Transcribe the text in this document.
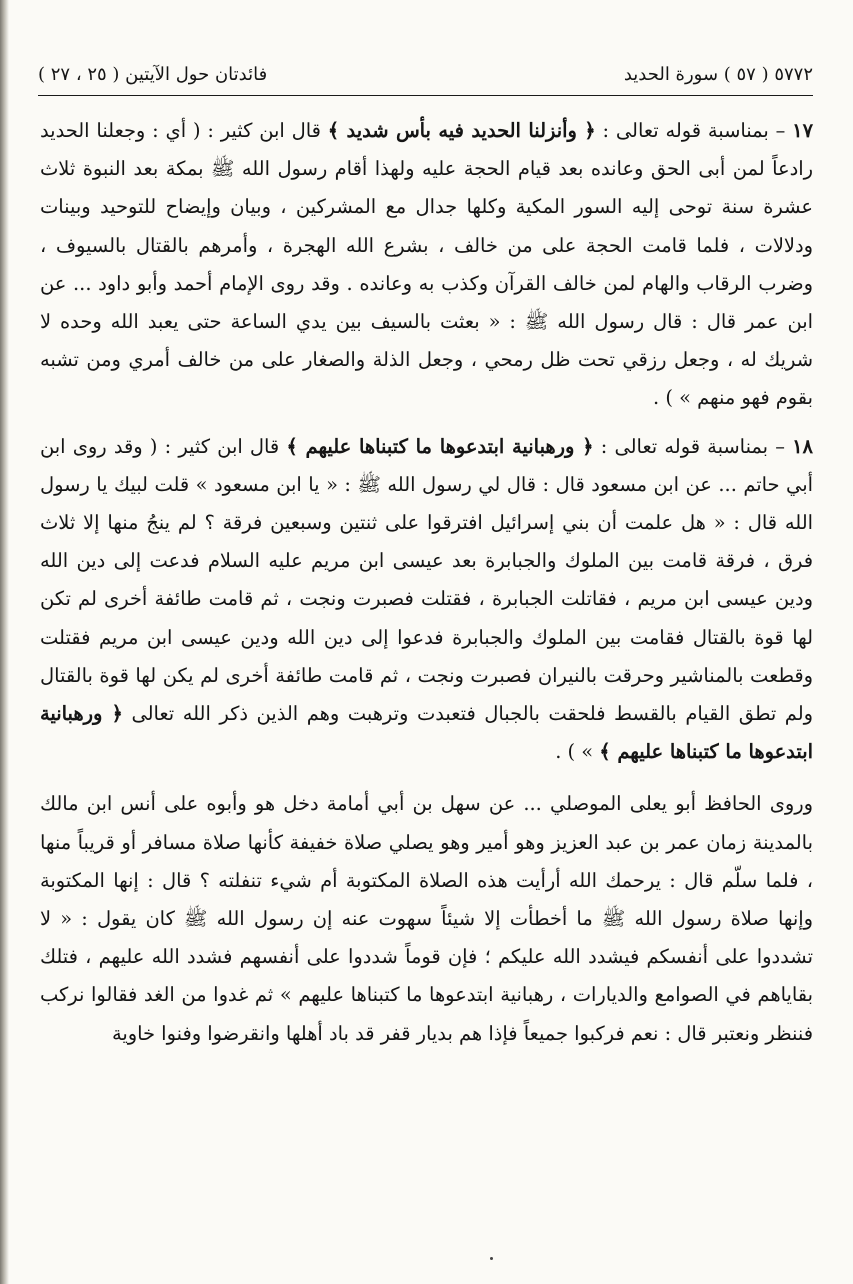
٥٧٧٢ ( ٥٧ ) سورة الحديد
فائدتان حول الآيتين ( ٢٥ ، ٢٧ )

١٧ – بمناسبة قوله تعالى : ﴿ وأنزلنا الحديد فيه بأس شديد ﴾ قال ابن كثير : ( أي : وجعلنا الحديد رادعاً لمن أبى الحق وعانده بعد قيام الحجة عليه ولهذا أقام رسول الله ﷺ بمكة بعد النبوة ثلاث عشرة سنة توحى إليه السور المكية وكلها جدال مع المشركين ، وبيان وإيضاح للتوحيد وبينات ودلالات ، فلما قامت الحجة على من خالف ، بشرع الله الهجرة ، وأمرهم بالقتال بالسيوف ، وضرب الرقاب والهام لمن خالف القرآن وكذب به وعانده . وقد روى الإمام أحمد وأبو داود ... عن ابن عمر قال : قال رسول الله ﷺ : « بعثت بالسيف بين يدي الساعة حتى يعبد الله وحده لا شريك له ، وجعل رزقي تحت ظل رمحي ، وجعل الذلة والصغار على من خالف أمري ومن تشبه بقوم فهو منهم » ) .

١٨ – بمناسبة قوله تعالى : ﴿ ورهبانية ابتدعوها ما كتبناها عليهم ﴾ قال ابن كثير : ( وقد روى ابن أبي حاتم ... عن ابن مسعود قال : قال لي رسول الله ﷺ : « يا ابن مسعود » قلت لبيك يا رسول الله قال : « هل علمت أن بني إسرائيل افترقوا على ثنتين وسبعين فرقة ؟ لم ينجُ منها إلا ثلاث فرق ، فرقة قامت بين الملوك والجبابرة بعد عيسى ابن مريم عليه السلام فدعت إلى دين الله ودين عيسى ابن مريم ، فقاتلت الجبابرة ، فقتلت فصبرت ونجت ، ثم قامت طائفة أخرى لم تكن لها قوة بالقتال فقامت بين الملوك والجبابرة فدعوا إلى دين الله ودين عيسى ابن مريم فقتلت وقطعت بالمناشير وحرقت بالنيران فصبرت ونجت ، ثم قامت طائفة أخرى لم يكن لها قوة بالقتال ولم تطق القيام بالقسط فلحقت بالجبال فتعبدت وترهبت وهم الذين ذكر الله تعالى ﴿ ورهبانية ابتدعوها ما كتبناها عليهم ﴾ » ) .

وروى الحافظ أبو يعلى الموصلي ... عن سهل بن أبي أمامة دخل هو وأبوه على أنس ابن مالك بالمدينة زمان عمر بن عبد العزيز وهو أمير وهو يصلي صلاة خفيفة كأنها صلاة مسافر أو قريباً منها ، فلما سلّم قال : يرحمك الله أرأيت هذه الصلاة المكتوبة أم شيء تنفلته ؟ قال : إنها المكتوبة وإنها صلاة رسول الله ﷺ ما أخطأت إلا شيئاً سهوت عنه إن رسول الله ﷺ كان يقول : « لا تشددوا على أنفسكم فيشدد الله عليكم ؛ فإن قوماً شددوا على أنفسهم فشدد الله عليهم ، فتلك بقاياهم في الصوامع والديارات ، رهبانية ابتدعوها ما كتبناها عليهم » ثم غدوا من الغد فقالوا نركب فننظر ونعتبر قال : نعم فركبوا جميعاً فإذا هم بديار قفر قد باد أهلها وانقرضوا وفنوا خاوية
